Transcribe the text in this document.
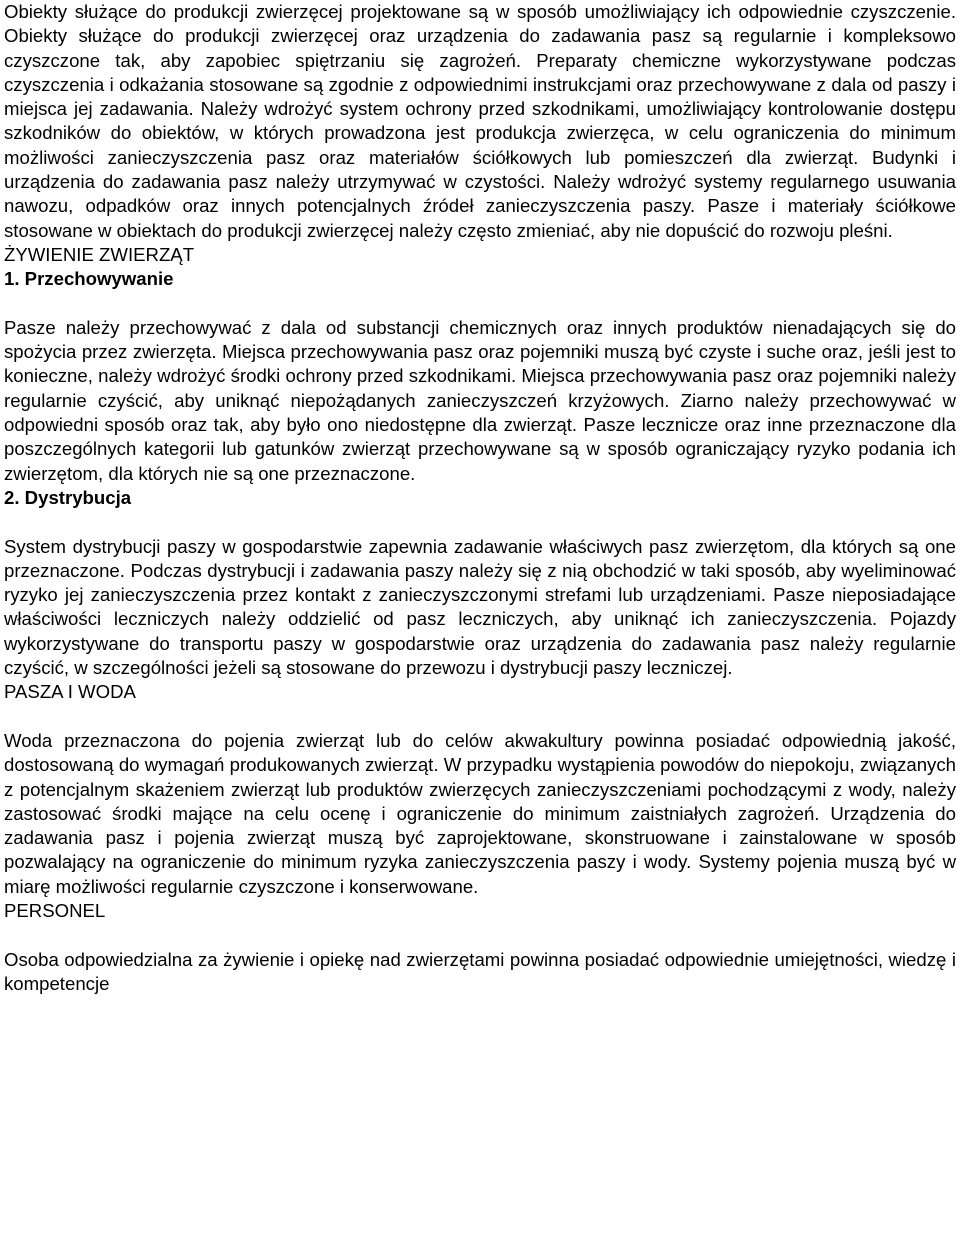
Obiekty służące do produkcji zwierzęcej projektowane są w sposób umożliwiający ich odpowiednie czyszczenie. Obiekty służące do produkcji zwierzęcej oraz urządzenia do zadawania pasz są regularnie i kompleksowo czyszczone tak, aby zapobiec spiętrzaniu się zagrożeń. Preparaty chemiczne wykorzystywane podczas czyszczenia i odkażania stosowane są zgodnie z odpowiednimi instrukcjami oraz przechowywane z dala od paszy i miejsca jej zadawania. Należy wdrożyć system ochrony przed szkodnikami, umożliwiający kontrolowanie dostępu szkodników do obiektów, w których prowadzona jest produkcja zwierzęca, w celu ograniczenia do minimum możliwości zanieczyszczenia pasz oraz materiałów ściółkowych lub pomieszczeń dla zwierząt. Budynki i urządzenia do zadawania pasz należy utrzymywać w czystości. Należy wdrożyć systemy regularnego usuwania nawozu, odpadków oraz innych potencjalnych źródeł zanieczyszczenia paszy. Pasze i materiały ściółkowe stosowane w obiektach do produkcji zwierzęcej należy często zmieniać, aby nie dopuścić do rozwoju pleśni.

ŻYWIENIE ZWIERZĄT

1. Przechowywanie

Pasze należy przechowywać z dala od substancji chemicznych oraz innych produktów nienadających się do spożycia przez zwierzęta. Miejsca przechowywania pasz oraz pojemniki muszą być czyste i suche oraz, jeśli jest to konieczne, należy wdrożyć środki ochrony przed szkodnikami. Miejsca przechowywania pasz oraz pojemniki należy regularnie czyścić, aby uniknąć niepożądanych zanieczyszczeń krzyżowych. Ziarno należy przechowywać w odpowiedni sposób oraz tak, aby było ono niedostępne dla zwierząt. Pasze lecznicze oraz inne przeznaczone dla poszczególnych kategorii lub gatunków zwierząt przechowywane są w sposób ograniczający ryzyko podania ich zwierzętom, dla których nie są one przeznaczone.

2. Dystrybucja

System dystrybucji paszy w gospodarstwie zapewnia zadawanie właściwych pasz zwierzętom, dla których są one przeznaczone. Podczas dystrybucji i zadawania paszy należy się z nią obchodzić w taki sposób, aby wyeliminować ryzyko jej zanieczyszczenia przez kontakt z zanieczyszczonymi strefami lub urządzeniami. Pasze nieposiadające właściwości leczniczych należy oddzielić od pasz leczniczych, aby uniknąć ich zanieczyszczenia. Pojazdy wykorzystywane do transportu paszy w gospodarstwie oraz urządzenia do zadawania pasz należy regularnie czyścić, w szczególności jeżeli są stosowane do przewozu i dystrybucji paszy leczniczej.

PASZA I WODA

Woda przeznaczona do pojenia zwierząt lub do celów akwakultury powinna posiadać odpowiednią jakość, dostosowaną do wymagań produkowanych zwierząt. W przypadku wystąpienia powodów do niepokoju, związanych z potencjalnym skażeniem zwierząt lub produktów zwierzęcych zanieczyszczeniami pochodzącymi z wody, należy zastosować środki mające na celu ocenę i ograniczenie do minimum zaistniałych zagrożeń. Urządzenia do zadawania pasz i pojenia zwierząt muszą być zaprojektowane, skonstruowane i zainstalowane w sposób pozwalający na ograniczenie do minimum ryzyka zanieczyszczenia paszy i wody. Systemy pojenia muszą być w miarę możliwości regularnie czyszczone i konserwowane.

PERSONEL

Osoba odpowiedzialna za żywienie i opiekę nad zwierzętami powinna posiadać odpowiednie umiejętności, wiedzę i kompetencje
